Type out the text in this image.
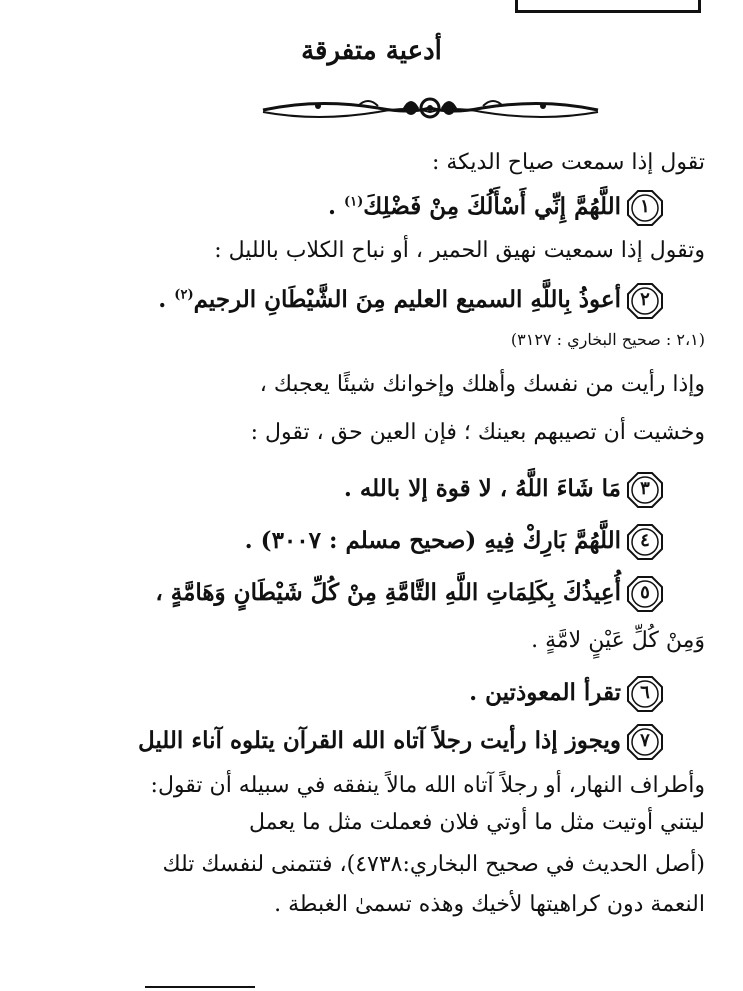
أدعية متفرقة
تقول إذا سمعت صياح الديكة :
١
اللَّهُمَّ إِنِّي أَسْأَلُكَ مِنْ فَضْلِكَ$^{(١)}$ .
وتقول إذا سمعيت نهيق الحمير ، أو نباح الكلاب بالليل :
٢
أعوذُ بِاللَّهِ السميع العليم مِنَ الشَّيْطَانِ الرجيم$^{(٢)}$ .
(٢،١ : صحيح البخاري : ٣١٢٧)
وإذا رأيت من نفسك وأهلك وإخوانك شيئًا يعجبك ،
وخشيت أن تصيبهم بعينك ؛ فإن العين حق ، تقول :
٣
مَا شَاءَ اللَّهُ ، لا قوة إلا بالله .
٤
اللَّهُمَّ بَارِكْ فِيهِ (صحيح مسلم : ٣٠٠٧) .
٥
أُعِيذُكَ بِكَلِمَاتِ اللَّهِ التَّامَّةِ مِنْ كُلِّ شَيْطَانٍ وَهَامَّةٍ ،
وَمِنْ كُلِّ عَيْنٍ لامَّةٍ .
٦
تقرأ المعوذتين .
٧
ويجوز إذا رأيت رجلاً آتاه الله القرآن يتلوه آناء الليل
وأطراف النهار، أو رجلاً آتاه الله مالاً ينفقه في سبيله أن تقول:
ليتني أوتيت مثل ما أوتي فلان فعملت مثل ما يعمل
(أصل الحديث في صحيح البخاري:٤٧٣٨)، فتتمنى لنفسك تلك
النعمة دون كراهيتها لأخيك وهذه تسمىٰ الغبطة .
